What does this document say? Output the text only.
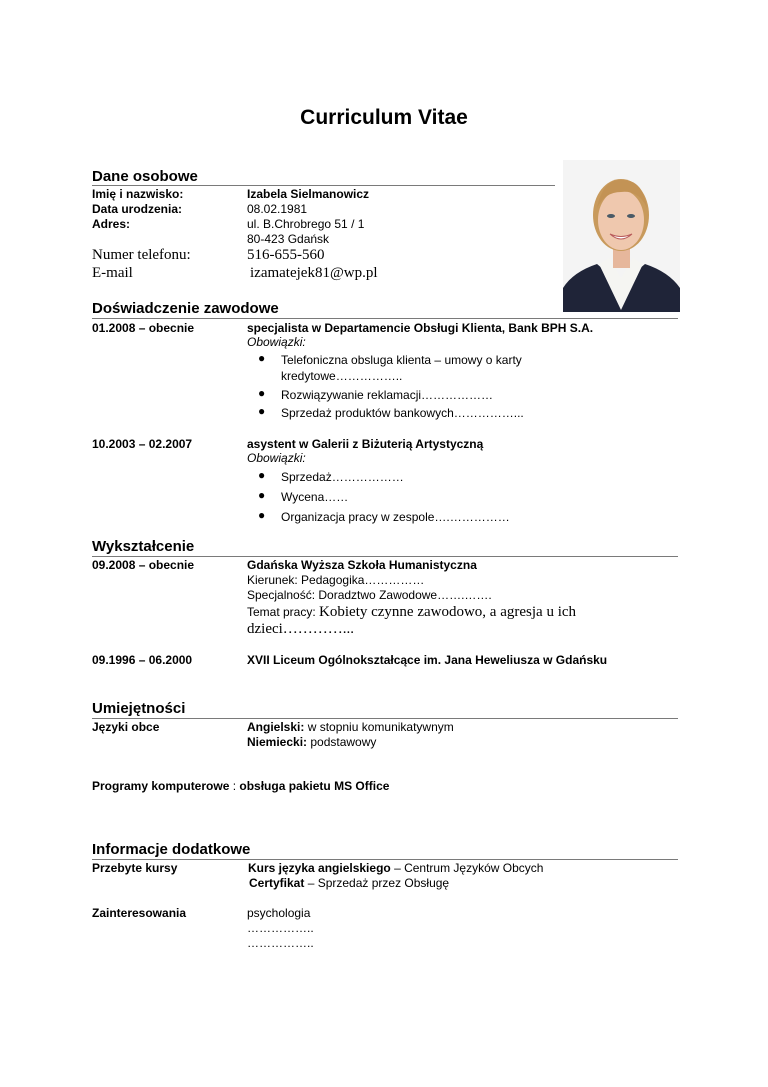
Curriculum Vitae
Dane osobowe
Imię i nazwisko:	Izabela Sielmanowicz
Data urodzenia:	08.02.1981
Adres:	ul. B.Chrobrego 51 / 1
80-423 Gdańsk
Numer telefonu:	516-655-560
E-mail	izamatejek81@wp.pl
Doświadczenie zawodowe
01.2008 – obecnie	specjalista w Departamencie Obsługi Klienta, Bank BPH S.A.
Obowiązki:
● Telefoniczna obsluga klienta – umowy o karty
kredytowe……………..
● Rozwiązywanie reklamacji………………
● Sprzedaż produktów bankowych……………...
10.2003 – 02.2007	asystent w Galerii z Biżuterią Artystyczną
Obowiązki:
● Sprzedaż………………
● Wycena……
● Organizacja pracy w zespole….……………
Wykształcenie
09.2008 – obecnie	Gdańska Wyższa Szkoła Humanistyczna
Kierunek: Pedagogika……………
Specjalność: Doradztwo Zawodowe…….…….
Temat pracy: Kobiety czynne zawodowo, a agresja u ich
dzieci…………...
09.1996 – 06.2000	XVII Liceum Ogólnokształcące im. Jana Heweliusza w Gdańsku
Umiejętności
Języki obce	Angielski: w stopniu komunikatywnym
Niemiecki: podstawowy
Programy komputerowe : obsługa pakietu MS Office
Informacje dodatkowe
Przebyte kursy	Kurs języka angielskiego – Centrum Języków Obcych
Certyfikat – Sprzedaż przez Obsługę
Zainteresowania	psychologia
……………..
……………..
